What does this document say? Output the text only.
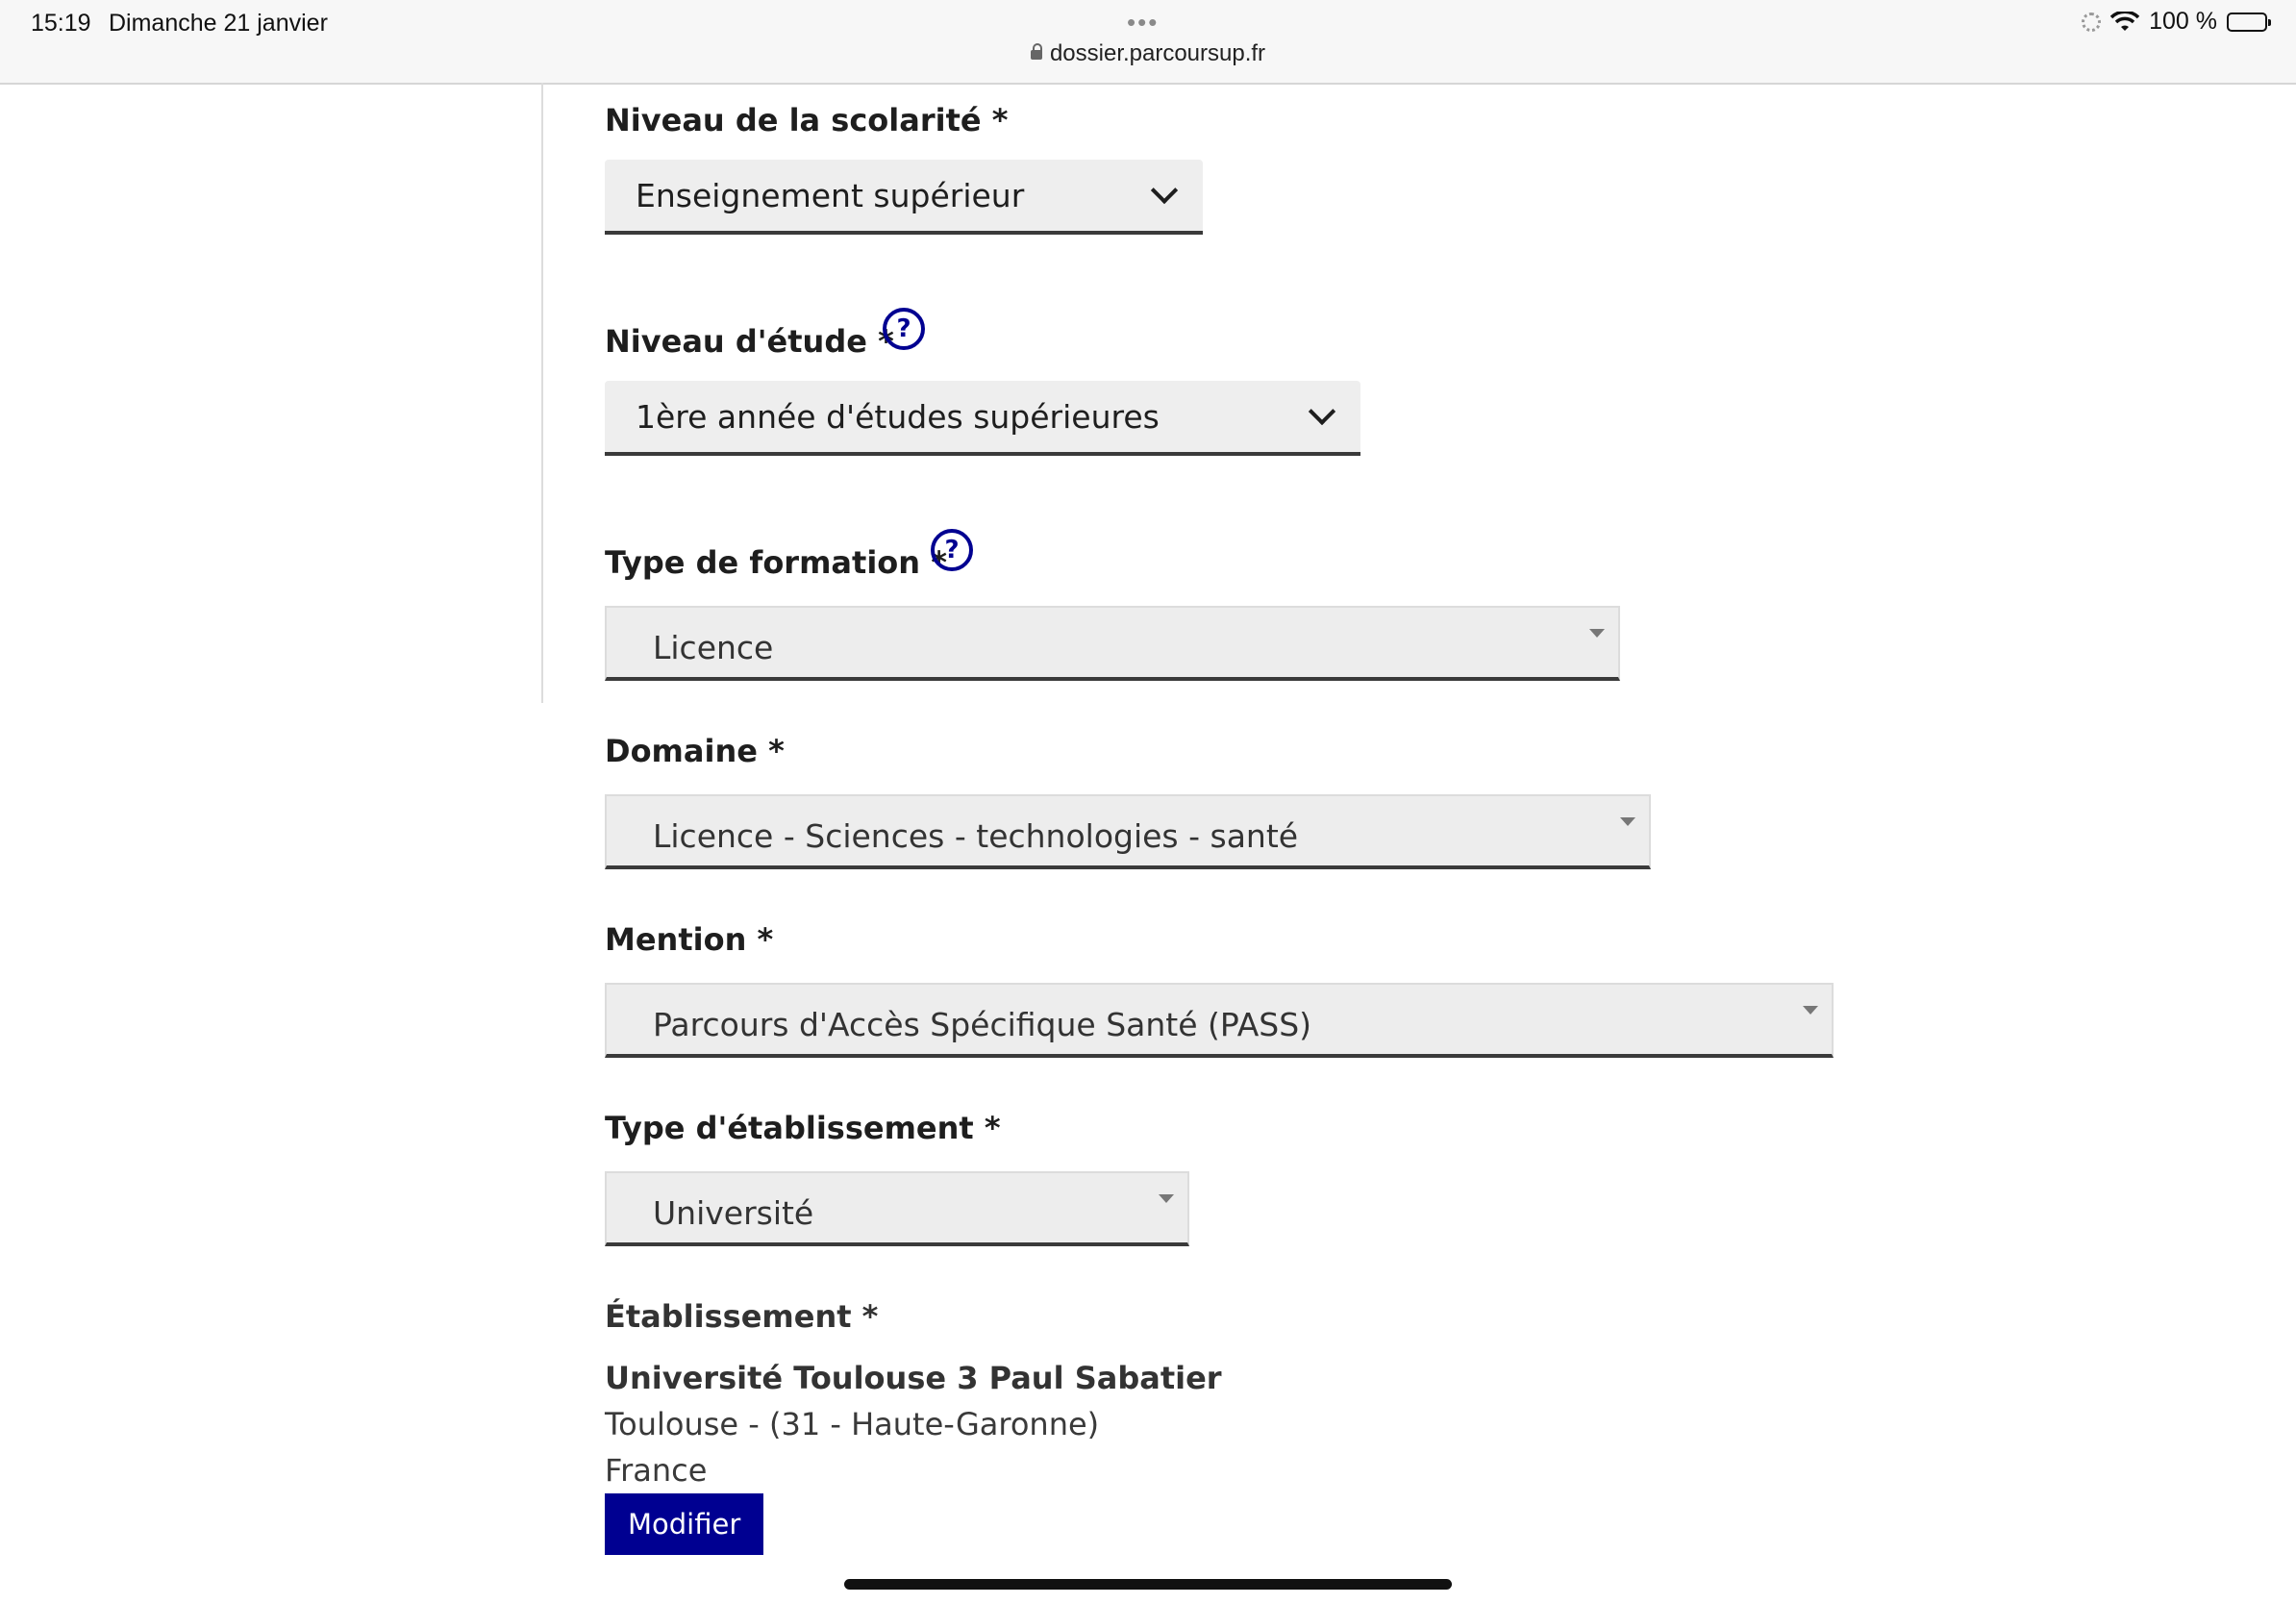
15:19 Dimanche 21 janvier	•••
dossier.parcoursup.fr
100 %
Niveau de la scolarité *
Enseignement supérieur
Niveau d'étude * ?
1ère année d'études supérieures
Type de formation *
?
Licence
Domaine *
Licence - Sciences - technologies - santé
Mention *
Parcours d'Accès Spécifique Santé (PASS)
Type d'établissement *
Université
Établissement *
Université Toulouse 3 Paul Sabatier
Toulouse - (31 - Haute-Garonne)
France
Modifier
